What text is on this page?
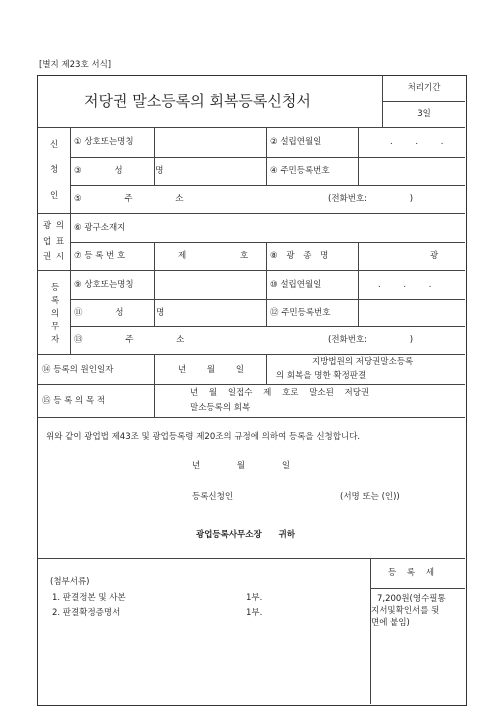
[별지 제23호 서식]
저당권 말소등록의 회복등록신청서
처리기간
3일
신
청
인
① 상호또는명칭	② 설립연월일	. . .
③ 성 명	④ 주민등록번호
⑤ 주 소	(전화번호: )
광 의
업 표
권 시
⑥ 광구소재지
⑦ 등 록 번 호	제	호	⑧ 광 종 명	광
등
록
의
무
자
⑨ 상호또는명칭	⑩ 설립연월일	. . .
⑪ 성 명	⑫ 주민등록번호
⑬ 주 소	(전화번호: )
⑭ 등록의 원인일자	년 월 일
지방법원의 저당권말소등록
의 회복을 명한 확정판결
⑮ 등 록 의 목 적
년 월 일접수 제 호로 말소된 저당권
말소등록의 회복
위와 같이 광업법 제43조 및 광업등록령 제20조의 규정에 의하여 등록을 신청합니다.
년 월 일
등록신청인	(서명 또는 (인))
광업등록사무소장 귀하
(첨부서류)
1. 판결정본 및 사본	1부.
2. 판결확정증명서	1부.
등 록 세
7,200원(영수필통
지서및확인서를 뒷
면에 붙임)
